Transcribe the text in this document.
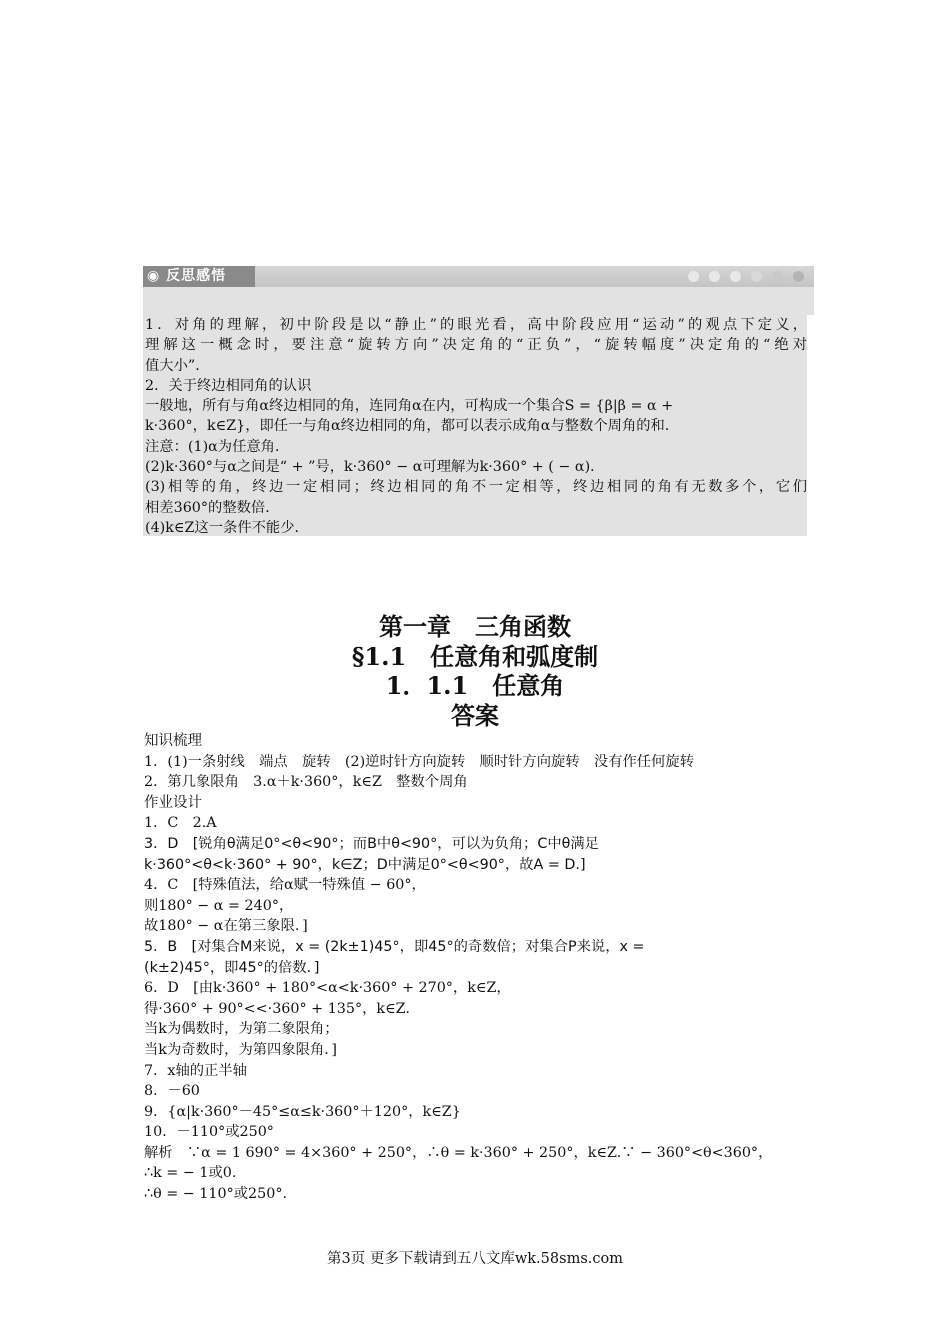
◉ 反思感悟

1．对角的理解，初中阶段是以“静止”的眼光看，高中阶段应用“运动”的观点下定义，

理解这一概念时，要注意“旋转方向”决定角的“正负”，“旋转幅度”决定角的“绝对

值大小”．

2．关于终边相同角的认识

一般地，所有与角α终边相同的角，连同角α在内，可构成一个集合S = {β|β = α +

k·360°，k∈Z}，即任一与角α终边相同的角，都可以表示成角α与整数个周角的和．

注意：(1)α为任意角．

(2)k·360°与α之间是“ + ”号，k·360° − α可理解为k·360° + ( − α)．

(3)相等的角，终边一定相同；终边相同的角不一定相等，终边相同的角有无数多个，它们

相差360°的整数倍．

(4)k∈Z这一条件不能少．

第一章　三角函数
§1.1　任意角和弧度制
1．1.1　任意角
答案

知识梳理

1．(1)一条射线　端点　旋转　(2)逆时针方向旋转　顺时针方向旋转　没有作任何旋转

2．第几象限角　3.α＋k·360°，k∈Z　整数个周角

作业设计

1．C　2.A

3．D　[锐角θ满足0°<θ<90°；而B中θ<90°，可以为负角；C中θ满足

k·360°<θ<k·360° + 90°，k∈Z；D中满足0°<θ<90°，故A = D.]

4．C　[特殊值法，给α赋一特殊值 − 60°，

则180° − α = 240°，

故180° − α在第三象限．]

5．B　[对集合M来说，x = (2k±1)45°，即45°的奇数倍；对集合P来说，x =

(k±2)45°，即45°的倍数．]

6．D　[由k·360° + 180°<α<k·360° + 270°，k∈Z，

得·360° + 90°<<·360° + 135°，k∈Z.

当k为偶数时，为第二象限角；

当k为奇数时，为第四象限角．]

7．x轴的正半轴

8．－60

9．{α|k·360°－45°≤α≤k·360°＋120°，k∈Z}

10．－110°或250°

解析　∵α = 1 690° = 4×360° + 250°，∴θ = k·360° + 250°，k∈Z.∵ − 360°<θ<360°，

∴k = − 1或0.

∴θ = − 110°或250°.

第3页 更多下载请到五八文库wk.58sms.com
